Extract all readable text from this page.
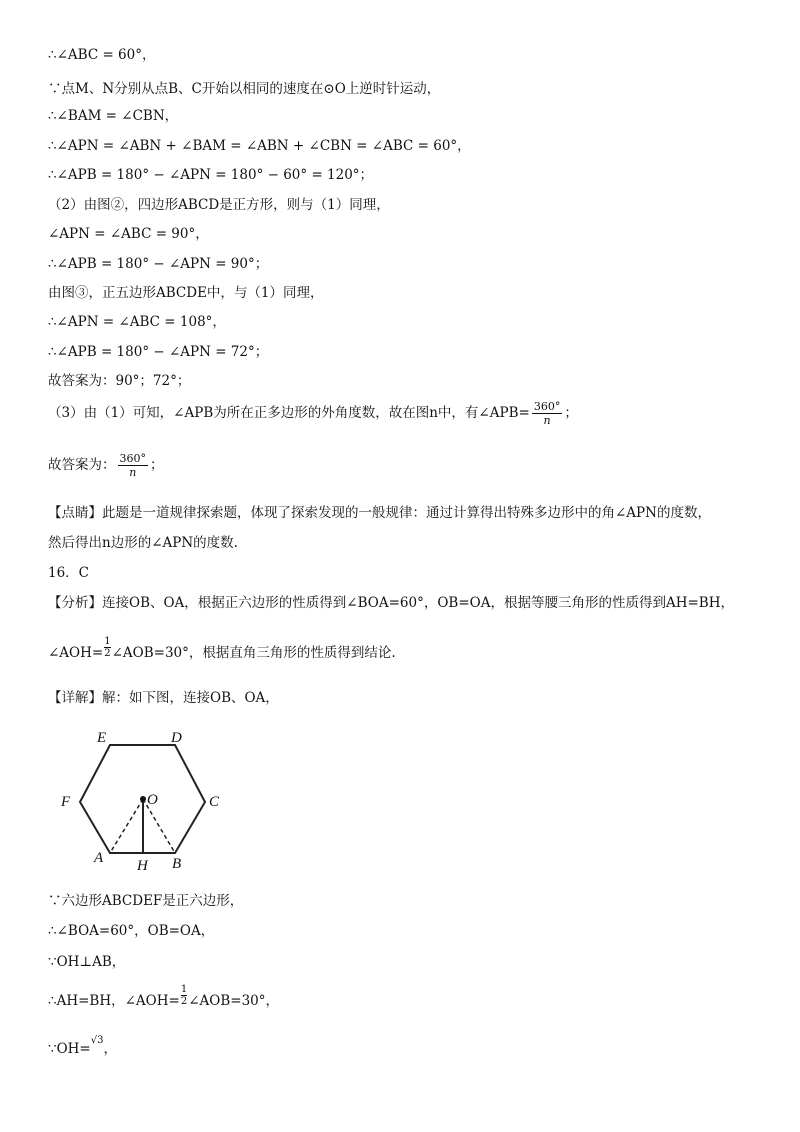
∴∠ABC = 60°，
∵点M、N分别从点B、C开始以相同的速度在⊙O上逆时针运动，
∴∠BAM = ∠CBN，
∴∠APN = ∠ABN + ∠BAM = ∠ABN + ∠CBN = ∠ABC = 60°，
∴∠APB = 180° − ∠APN = 180° − 60° = 120°；
（2）由图②，四边形ABCD是正方形，则与（1）同理，
∠APN = ∠ABC = 90°，
∴∠APB = 180° − ∠APN = 90°；
由图③，正五边形ABCDE中，与（1）同理，
∴∠APN = ∠ABC = 108°，
∴∠APB = 180° − ∠APN = 72°；
故答案为：90°；72°；
（3）由（1）可知，∠APB为所在正多边形的外角度数，故在图n中，有∠APB= $\frac{360^\circ}{n}$ ；
故答案为： $\frac{360^\circ}{n}$ ；
【点睛】此题是一道规律探索题，体现了探索发现的一般规律：通过计算得出特殊多边形中的角∠APN的度数，
然后得出n边形的∠APN的度数.
16．C
【分析】连接OB、OA，根据正六边形的性质得到∠BOA=60°，OB=OA，根据等腰三角形的性质得到AH=BH，
∠AOH= $\frac{1}{2}$ ∠AOB=30°，根据直角三角形的性质得到结论.
【详解】解：如下图，连接OB、OA，
E	D
F	C
O
A H B
∵六边形ABCDEF是正六边形，
∴∠BOA=60°，OB=OA，
∵OH⊥AB，
∴AH=BH，∠AOH= $\frac{1}{2}$ ∠AOB=30°，
∵OH=√3，
